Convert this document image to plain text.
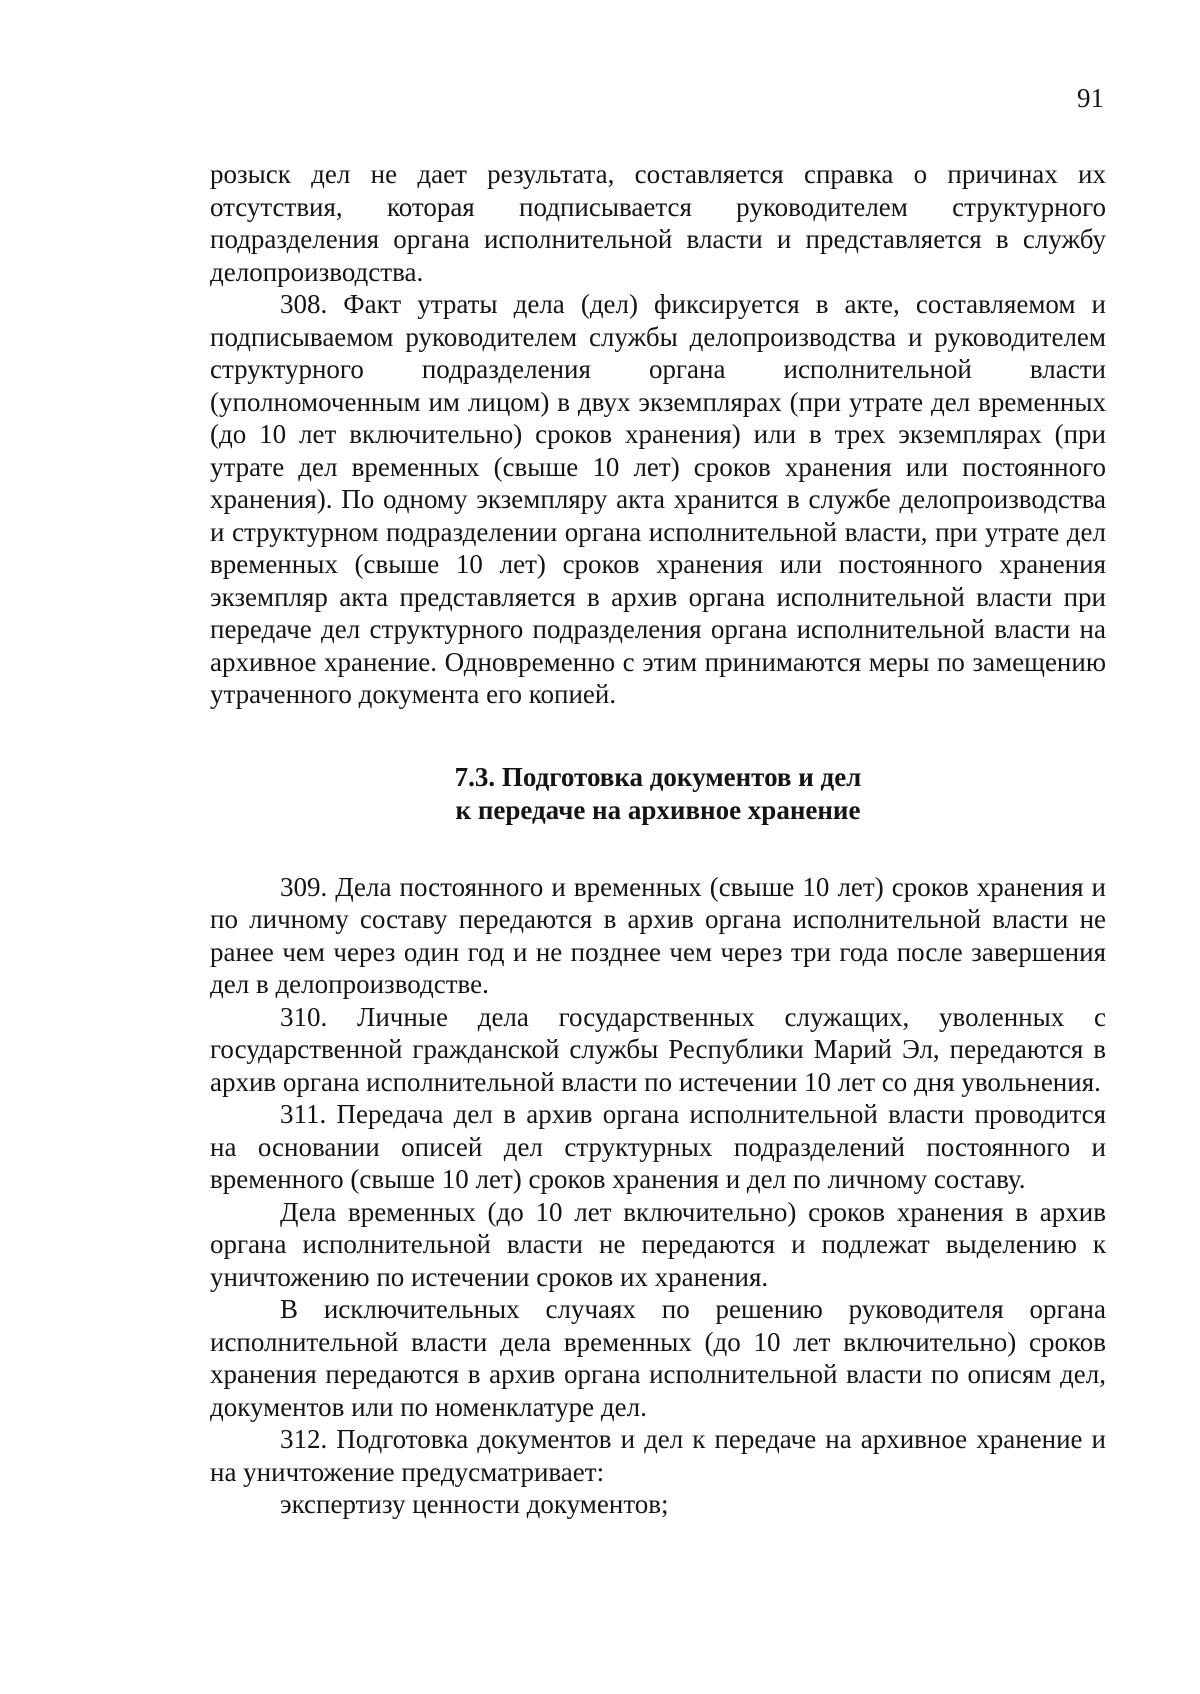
91

розыск дел не дает результата, составляется справка о причинах их отсутствия, которая подписывается руководителем структурного подразделения органа исполнительной власти и представляется в службу делопроизводства.

308. Факт утраты дела (дел) фиксируется в акте, составляемом и подписываемом руководителем службы делопроизводства и руководителем структурного подразделения органа исполнительной власти (уполномоченным им лицом) в двух экземплярах (при утрате дел временных (до 10 лет включительно) сроков хранения) или в трех экземплярах (при утрате дел временных (свыше 10 лет) сроков хранения или постоянного хранения). По одному экземпляру акта хранится в службе делопроизводства и структурном подразделении органа исполнительной власти, при утрате дел временных (свыше 10 лет) сроков хранения или постоянного хранения экземпляр акта представляется в архив органа исполнительной власти при передаче дел структурного подразделения органа исполнительной власти на архивное хранение. Одновременно с этим принимаются меры по замещению утраченного документа его копией.

7.3. Подготовка документов и дел
к передаче на архивное хранение

309. Дела постоянного и временных (свыше 10 лет) сроков хранения и по личному составу передаются в архив органа исполнительной власти не ранее чем через один год и не позднее чем через три года после завершения дел в делопроизводстве.

310. Личные дела государственных служащих, уволенных с государственной гражданской службы Республики Марий Эл, передаются в архив органа исполнительной власти по истечении 10 лет со дня увольнения.

311. Передача дел в архив органа исполнительной власти проводится на основании описей дел структурных подразделений постоянного и временного (свыше 10 лет) сроков хранения и дел по личному составу.

Дела временных (до 10 лет включительно) сроков хранения в архив органа исполнительной власти не передаются и подлежат выделению к уничтожению по истечении сроков их хранения.

В исключительных случаях по решению руководителя органа исполнительной власти дела временных (до 10 лет включительно) сроков хранения передаются в архив органа исполнительной власти по описям дел, документов или по номенклатуре дел.

312. Подготовка документов и дел к передаче на архивное хранение и на уничтожение предусматривает:

экспертизу ценности документов;
